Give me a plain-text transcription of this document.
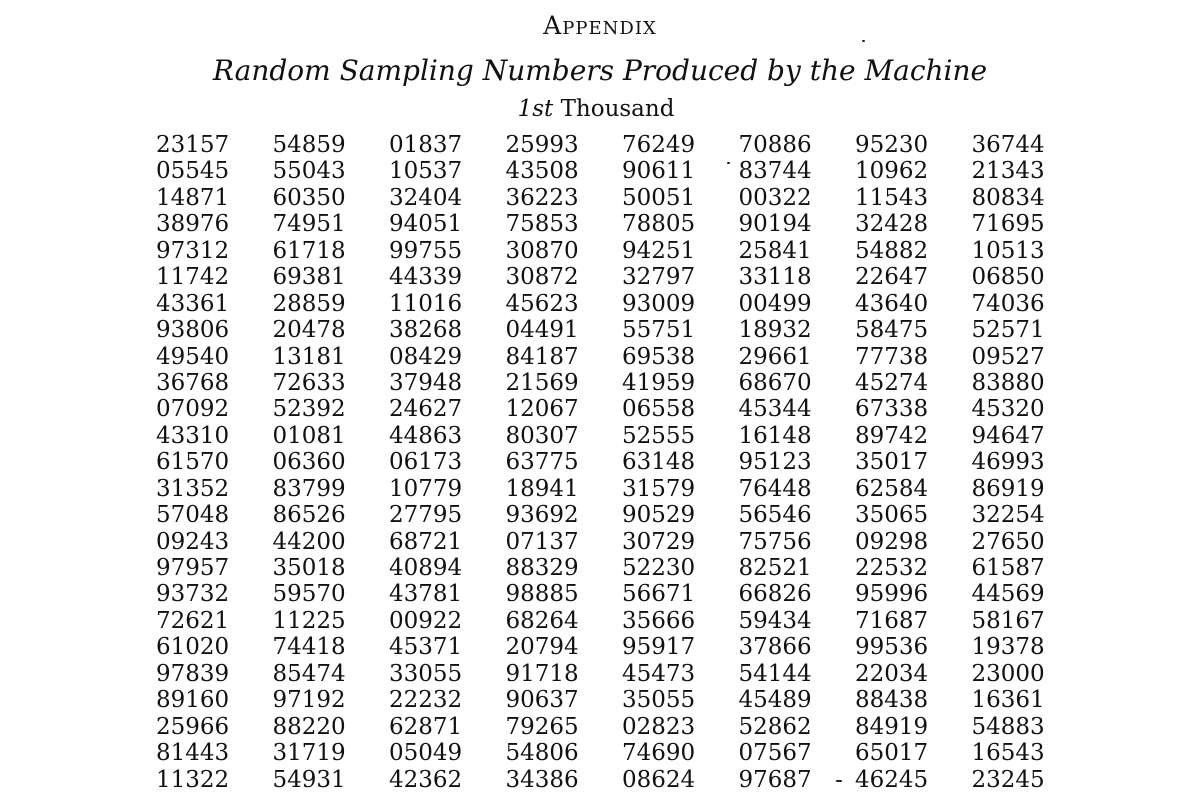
Appendix
Random Sampling Numbers Produced by the Machine
1st Thousand
23157	54859	01837	25993	76249	70886	95230	36744
05545	55043	10537	43508	90611	83744	10962	21343
14871	60350	32404	36223	50051	00322	11543	80834
38976	74951	94051	75853	78805	90194	32428	71695
97312	61718	99755	30870	94251	25841	54882	10513
11742	69381	44339	30872	32797	33118	22647	06850
43361	28859	11016	45623	93009	00499	43640	74036
93806	20478	38268	04491	55751	18932	58475	52571
49540	13181	08429	84187	69538	29661	77738	09527
36768	72633	37948	21569	41959	68670	45274	83880
07092	52392	24627	12067	06558	45344	67338	45320
43310	01081	44863	80307	52555	16148	89742	94647
61570	06360	06173	63775	63148	95123	35017	46993
31352	83799	10779	18941	31579	76448	62584	86919
57048	86526	27795	93692	90529	56546	35065	32254
09243	44200	68721	07137	30729	75756	09298	27650
97957	35018	40894	88329	52230	82521	22532	61587
93732	59570	43781	98885	56671	66826	95996	44569
72621	11225	00922	68264	35666	59434	71687	58167
61020	74418	45371	20794	95917	37866	99536	19378
97839	85474	33055	91718	45473	54144	22034	23000
89160	97192	22232	90637	35055	45489	88438	16361
25966	88220	62871	79265	02823	52862	84919	54883
81443	31719	05049	54806	74690	07567	65017	16543
11322	54931	42362	34386	08624	97687	46245	23245
